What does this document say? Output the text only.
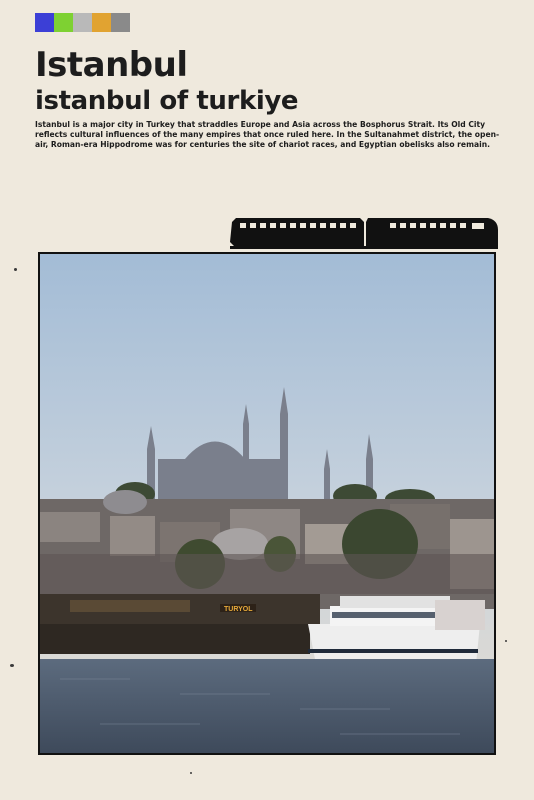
Istanbul
istanbul of turkiye

Istanbul is a major city in Turkey that straddles Europe and Asia across the Bosphorus Strait. Its Old City reflects cultural influences of the many empires that once ruled here. In the Sultanahmet district, the open-air, Roman-era Hippodrome was for centuries the site of chariot races, and Egyptian obelisks also remain.

TURYOL
